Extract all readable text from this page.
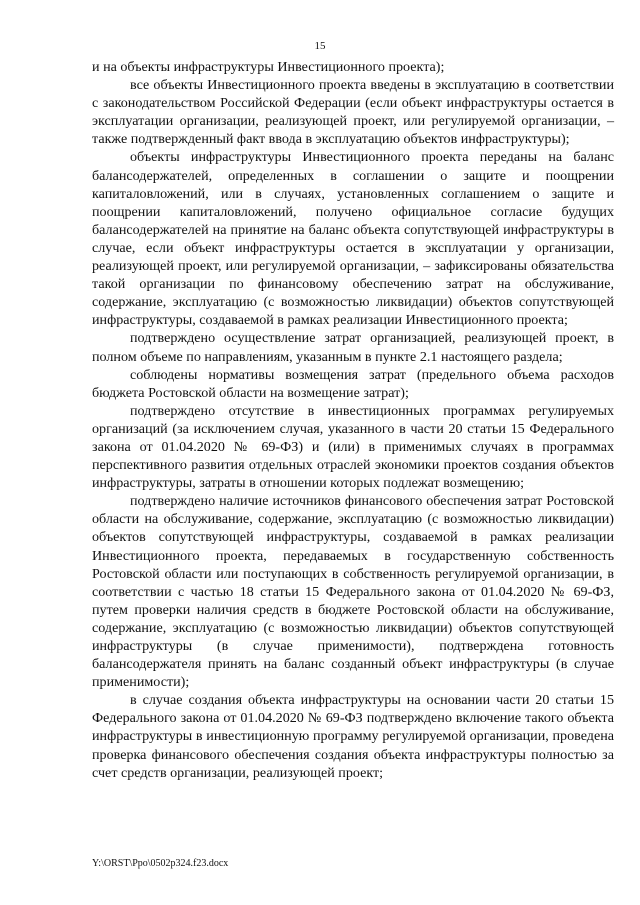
15

и на объекты инфраструктуры Инвестиционного проекта);

все объекты Инвестиционного проекта введены в эксплуатацию в соответствии с законодательством Российской Федерации (если объект инфраструктуры остается в эксплуатации организации, реализующей проект, или регулируемой организации, – также подтвержденный факт ввода в эксплуатацию объектов инфраструктуры);

объекты инфраструктуры Инвестиционного проекта переданы на баланс балансодержателей, определенных в соглашении о защите и поощрении капиталовложений, или в случаях, установленных соглашением о защите и поощрении капиталовложений, получено официальное согласие будущих балансодержателей на принятие на баланс объекта сопутствующей инфраструктуры в случае, если объект инфраструктуры остается в эксплуатации у организации, реализующей проект, или регулируемой организации, – зафиксированы обязательства такой организации по финансовому обеспечению затрат на обслуживание, содержание, эксплуатацию (с возможностью ликвидации) объектов сопутствующей инфраструктуры, создаваемой в рамках реализации Инвестиционного проекта;

подтверждено осуществление затрат организацией, реализующей проект, в полном объеме по направлениям, указанным в пункте 2.1 настоящего раздела;

соблюдены нормативы возмещения затрат (предельного объема расходов бюджета Ростовской области на возмещение затрат);

подтверждено отсутствие в инвестиционных программах регулируемых организаций (за исключением случая, указанного в части 20 статьи 15 Федерального закона от 01.04.2020 № 69-ФЗ) и (или) в применимых случаях в программах перспективного развития отдельных отраслей экономики проектов создания объектов инфраструктуры, затраты в отношении которых подлежат возмещению;

подтверждено наличие источников финансового обеспечения затрат Ростовской области на обслуживание, содержание, эксплуатацию (с возможностью ликвидации) объектов сопутствующей инфраструктуры, создаваемой в рамках реализации Инвестиционного проекта, передаваемых в государственную собственность Ростовской области или поступающих в собственность регулируемой организации, в соответствии с частью 18 статьи 15 Федерального закона от 01.04.2020 № 69-ФЗ, путем проверки наличия средств в бюджете Ростовской области на обслуживание, содержание, эксплуатацию (с возможностью ликвидации) объектов сопутствующей инфраструктуры (в случае применимости), подтверждена готовность балансодержателя принять на баланс созданный объект инфраструктуры (в случае применимости);

в случае создания объекта инфраструктуры на основании части 20 статьи 15 Федерального закона от 01.04.2020 № 69-ФЗ подтверждено включение такого объекта инфраструктуры в инвестиционную программу регулируемой организации, проведена проверка финансового обеспечения создания объекта инфраструктуры полностью за счет средств организации, реализующей проект;

Y:\ORST\Ppo\0502p324.f23.docx
